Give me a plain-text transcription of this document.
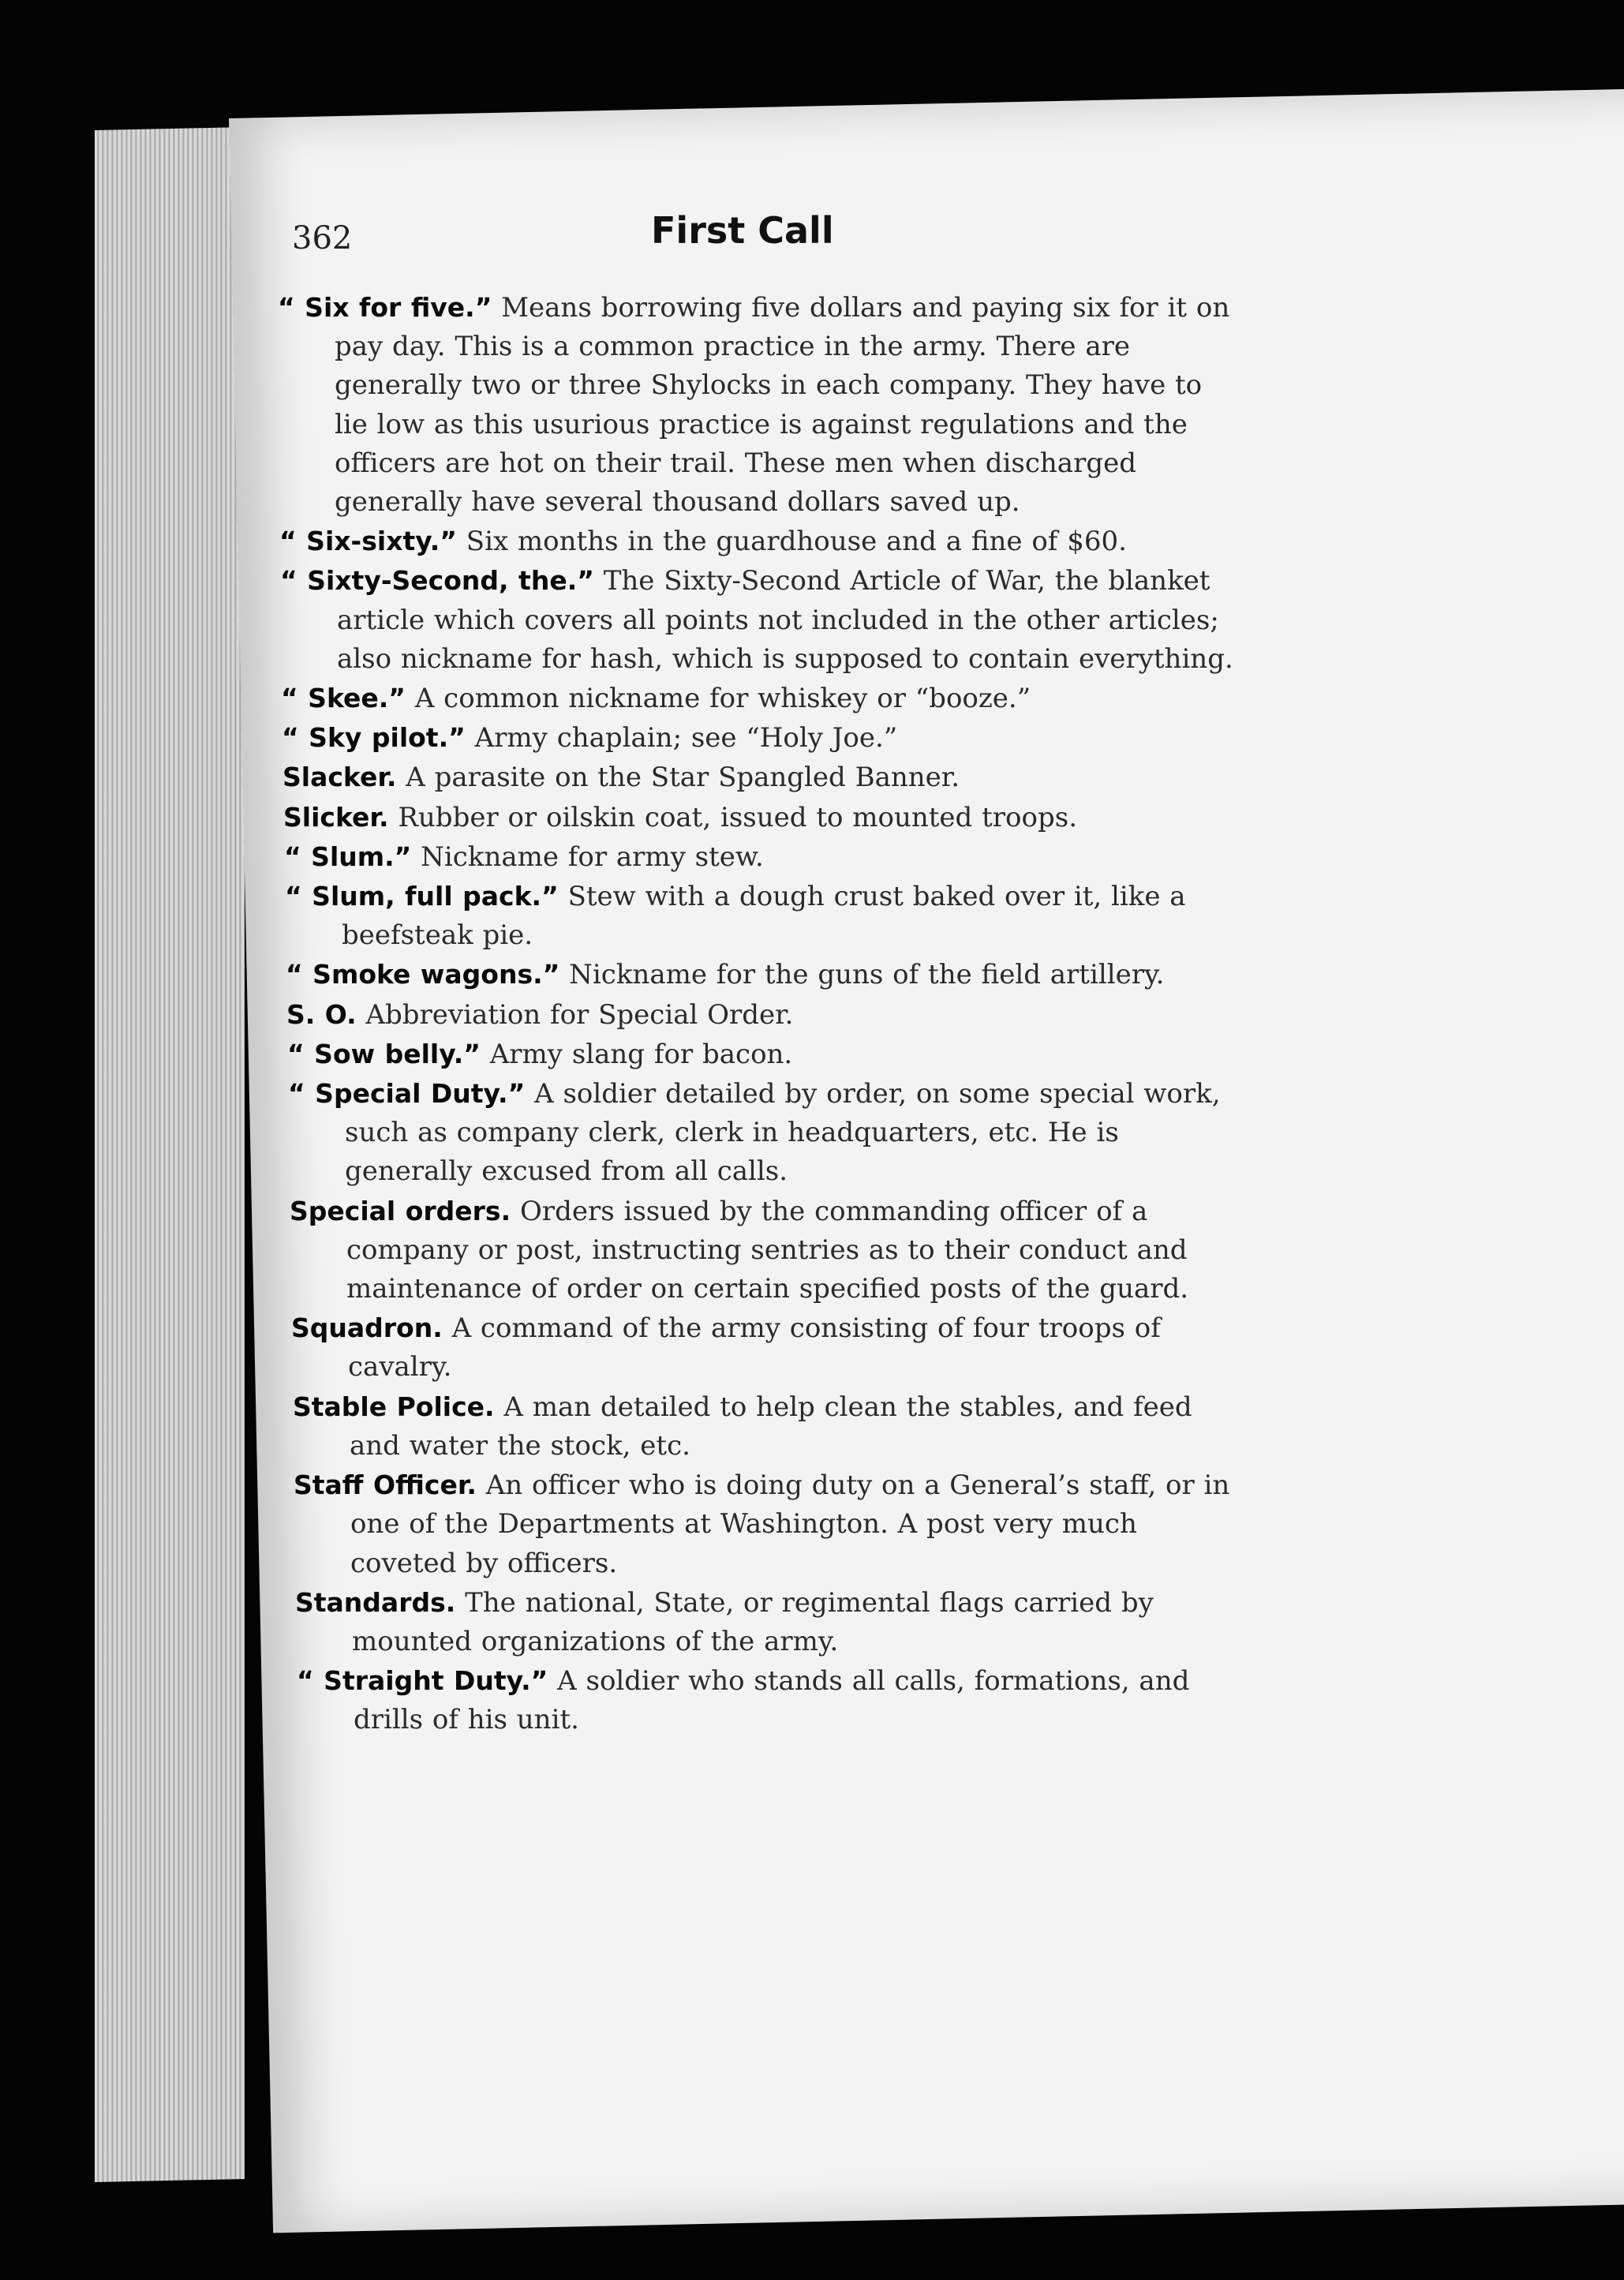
362	First Call

“ Six for five.” Means borrowing five dollars and paying six for it on pay day. This is a common practice in the army. There are generally two or three Shylocks in each company. They have to lie low as this usurious practice is against regulations and the officers are hot on their trail. These men when discharged generally have several thousand dollars saved up.

“ Six-sixty.” Six months in the guardhouse and a fine of $60.

“ Sixty-Second, the.” The Sixty-Second Article of War, the blanket article which covers all points not included in the other articles; also nickname for hash, which is supposed to contain everything.

“ Skee.” A common nickname for whiskey or “booze.”

“ Sky pilot.” Army chaplain; see “Holy Joe.”

Slacker. A parasite on the Star Spangled Banner.

Slicker. Rubber or oilskin coat, issued to mounted troops.

“ Slum.” Nickname for army stew.

“ Slum, full pack.” Stew with a dough crust baked over it, like a beefsteak pie.

“ Smoke wagons.” Nickname for the guns of the field artillery.

S. O. Abbreviation for Special Order.

“ Sow belly.” Army slang for bacon.

“ Special Duty.” A soldier detailed by order, on some special work, such as company clerk, clerk in headquarters, etc. He is generally excused from all calls.

Special orders. Orders issued by the commanding officer of a company or post, instructing sentries as to their conduct and maintenance of order on certain specified posts of the guard.

Squadron. A command of the army consisting of four troops of cavalry.

Stable Police. A man detailed to help clean the stables, and feed and water the stock, etc.

Staff Officer. An officer who is doing duty on a General’s staff, or in one of the Departments at Washington. A post very much coveted by officers.

Standards. The national, State, or regimental flags carried by mounted organizations of the army.

“ Straight Duty.” A soldier who stands all calls, formations, and drills of his unit.
